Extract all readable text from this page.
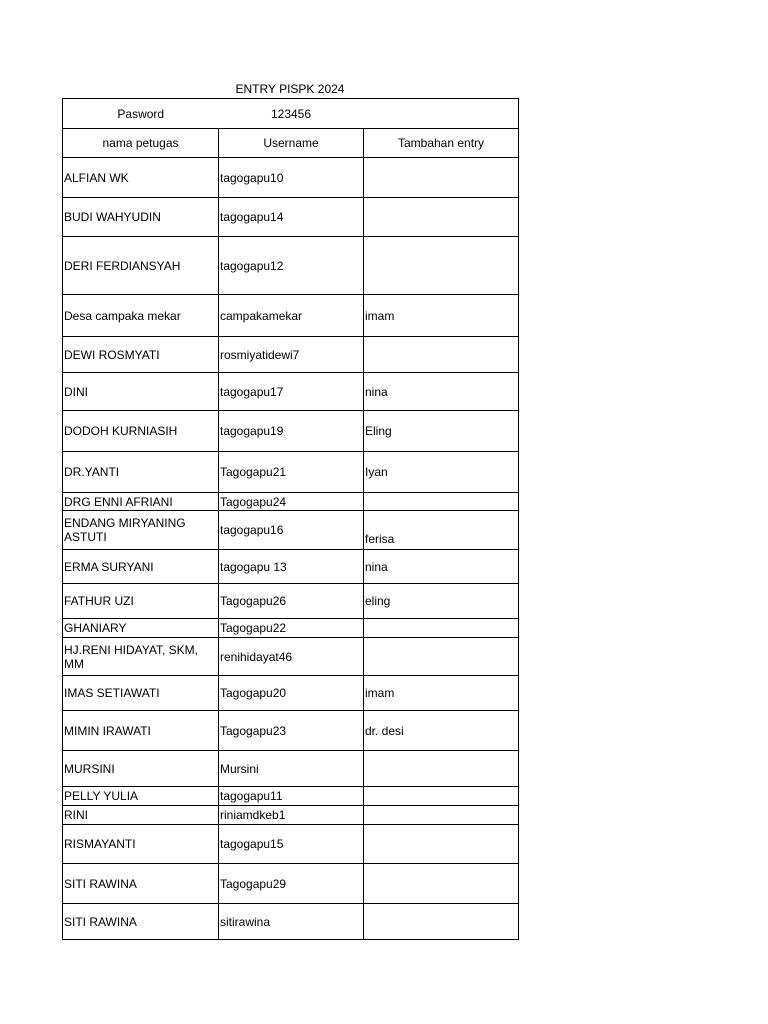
ENTRY PISPK 2024
Pasword	123456	
nama petugas	Username	Tambahan entry
ALFIAN WK	tagogapu10	
BUDI WAHYUDIN	tagogapu14	
DERI FERDIANSYAH	tagogapu12	
Desa campaka mekar	campakamekar	imam
DEWI ROSMYATI	rosmiyatidewi7	
DINI	tagogapu17	nina
DODOH KURNIASIH	tagogapu19	Eling
DR.YANTI	Tagogapu21	Iyan
DRG ENNI AFRIANI	Tagogapu24	
ENDANG MIRYANING ASTUTI	tagogapu16	ferisa
ERMA SURYANI	tagogapu 13	nina
FATHUR UZI	Tagogapu26	eling
GHANIARY	Tagogapu22	
HJ.RENI HIDAYAT, SKM, MM	renihidayat46	
IMAS SETIAWATI	Tagogapu20	imam
MIMIN IRAWATI	Tagogapu23	dr. desi
MURSINI	Mursini	
PELLY YULIA	tagogapu11	
RINI	riniamdkeb1	
RISMAYANTI	tagogapu15	
SITI RAWINA	Tagogapu29	
SITI RAWINA	sitirawina	
